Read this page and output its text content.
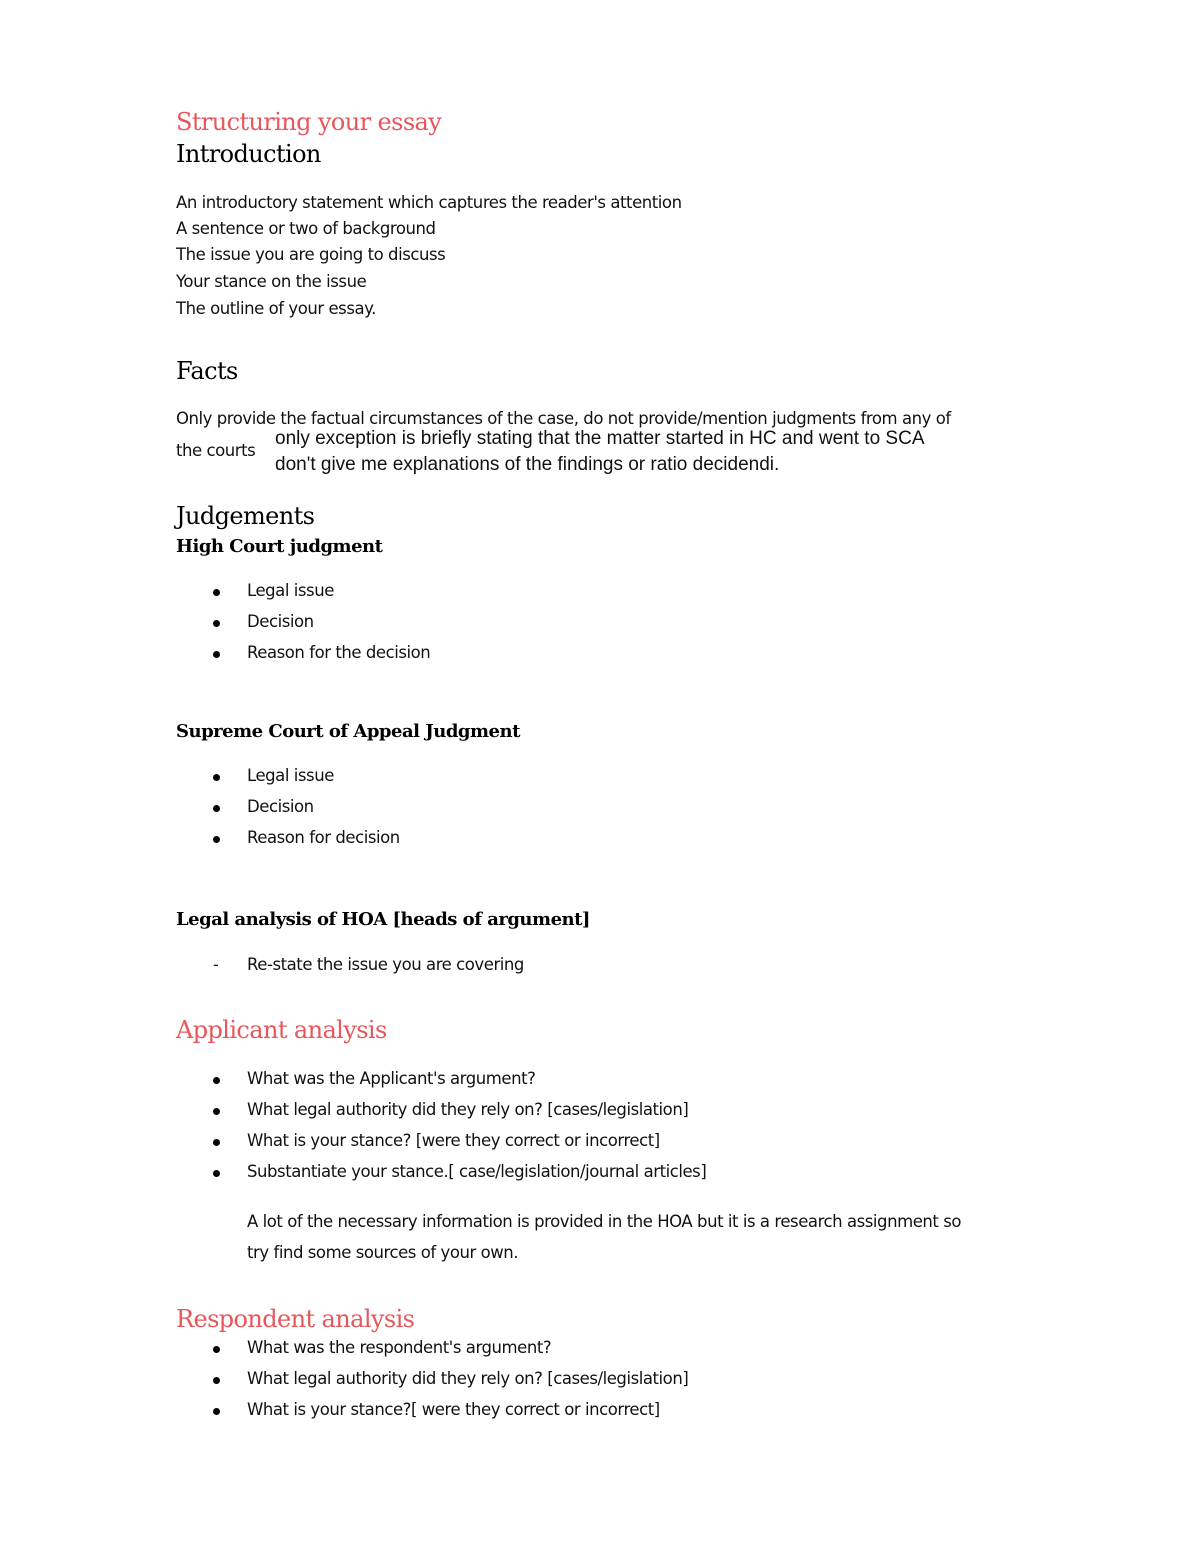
Structuring your essay
Introduction
An introductory statement which captures the reader's attention
A sentence or two of background
The issue you are going to discuss
Your stance on the issue
The outline of your essay.
Facts
Only provide the factual circumstances of the case, do not provide/mention judgments from any of
the courts
only exception is briefly stating that the matter started in HC and went to SCA
don't give me explanations of the findings or ratio decidendi.
Judgements
High Court judgment
Legal issue
Decision
Reason for the decision
Supreme Court of Appeal Judgment
Legal issue
Decision
Reason for decision
Legal analysis of HOA [heads of argument]
- Re-state the issue you are covering
Applicant analysis
What was the Applicant's argument?
What legal authority did they rely on? [cases/legislation]
What is your stance? [were they correct or incorrect]
Substantiate your stance.[ case/legislation/journal articles]
A lot of the necessary information is provided in the HOA but it is a research assignment so
try find some sources of your own.
Respondent analysis
What was the respondent's argument?
What legal authority did they rely on? [cases/legislation]
What is your stance?[ were they correct or incorrect]
